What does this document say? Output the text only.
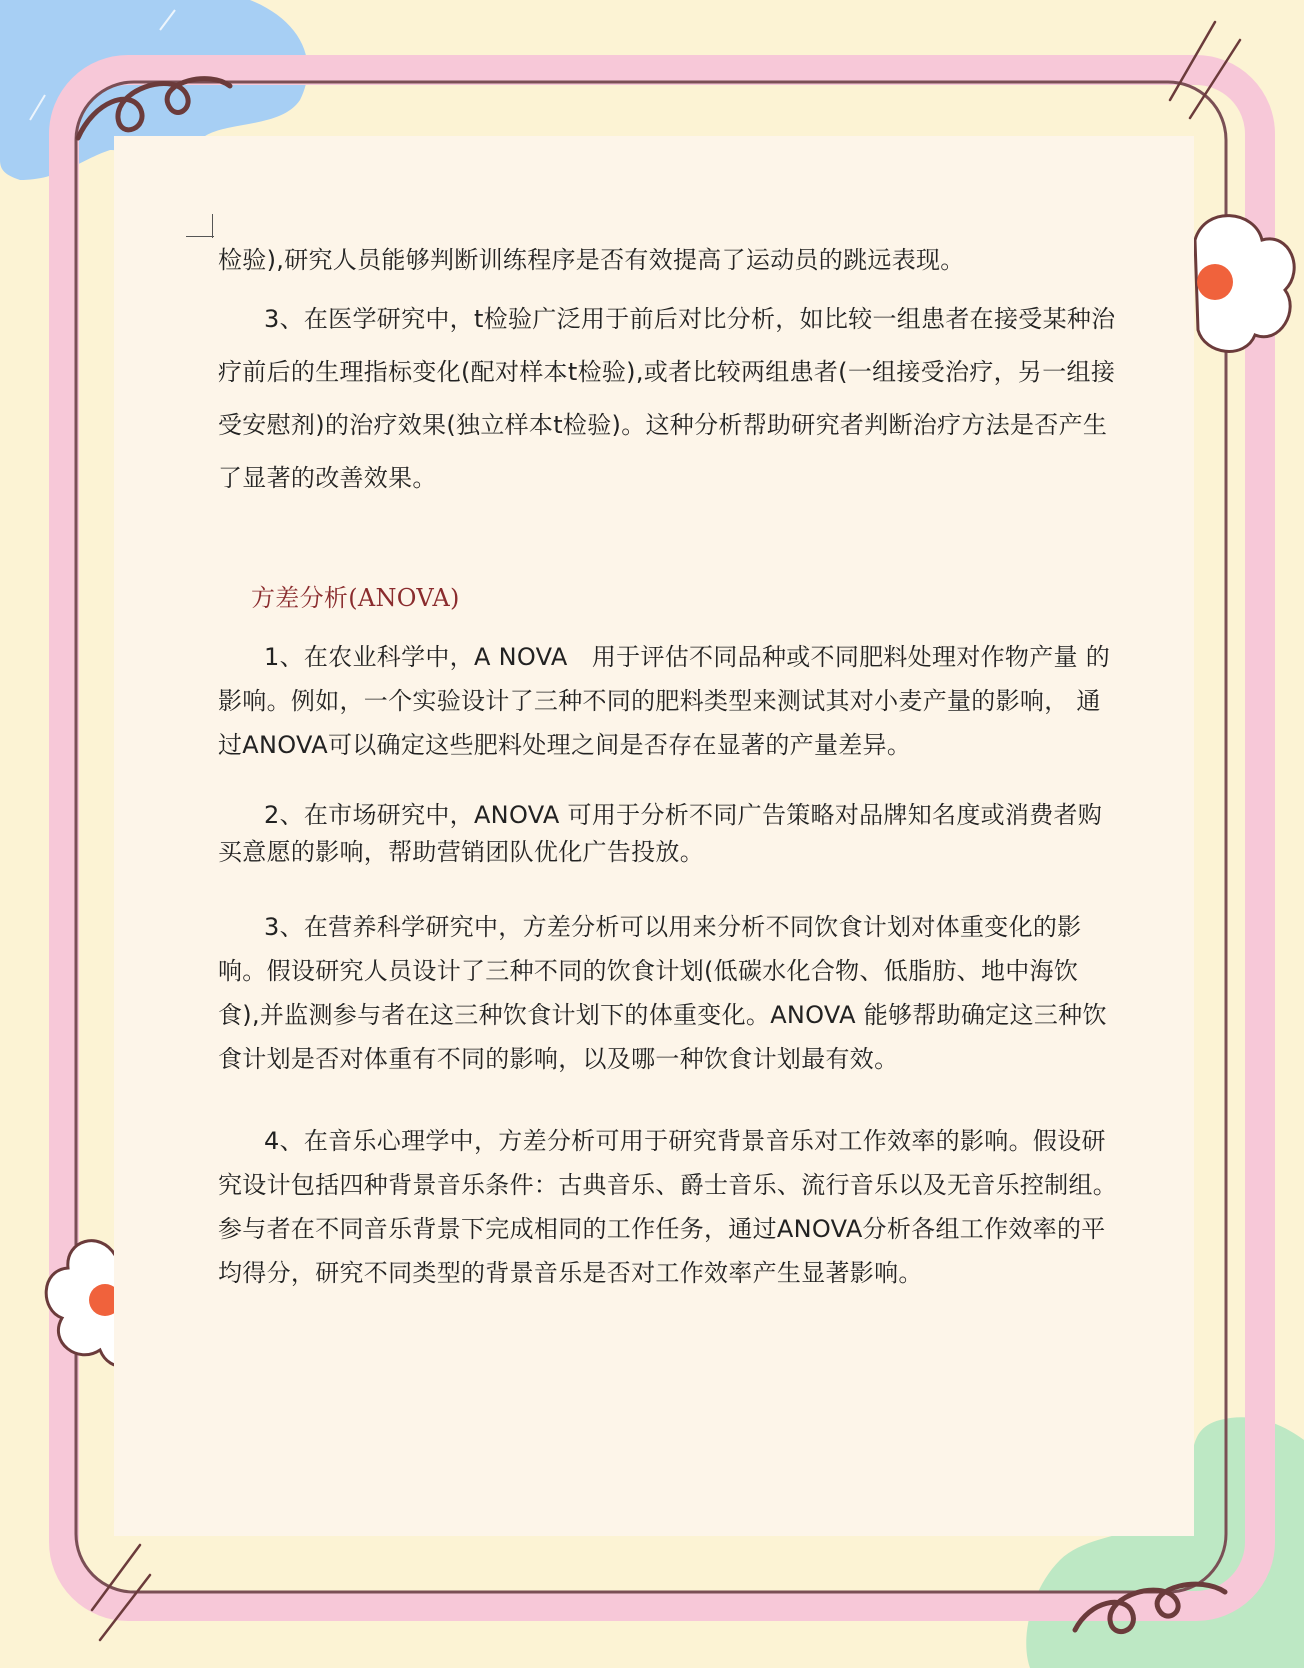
检验),研究人员能够判断训练程序是否有效提高了运动员的跳远表现。

3、在医学研究中，t检验广泛用于前后对比分析，如比较一组患者在接受某种治疗前后的生理指标变化(配对样本t检验),或者比较两组患者(一组接受治疗，另一组接受安慰剂)的治疗效果(独立样本t检验)。这种分析帮助研究者判断治疗方法是否产生了显著的改善效果。

方差分析(ANOVA)

1、在农业科学中，A NOVA　用于评估不同品种或不同肥料处理对作物产量 的影响。例如，一个实验设计了三种不同的肥料类型来测试其对小麦产量的影响， 通过ANOVA可以确定这些肥料处理之间是否存在显著的产量差异。

2、在市场研究中，ANOVA 可用于分析不同广告策略对品牌知名度或消费者购买意愿的影响，帮助营销团队优化广告投放。

3、在营养科学研究中，方差分析可以用来分析不同饮食计划对体重变化的影响。假设研究人员设计了三种不同的饮食计划(低碳水化合物、低脂肪、地中海饮食),并监测参与者在这三种饮食计划下的体重变化。ANOVA 能够帮助确定这三种饮食计划是否对体重有不同的影响，以及哪一种饮食计划最有效。

4、在音乐心理学中，方差分析可用于研究背景音乐对工作效率的影响。假设研究设计包括四种背景音乐条件：古典音乐、爵士音乐、流行音乐以及无音乐控制组。参与者在不同音乐背景下完成相同的工作任务，通过ANOVA分析各组工作效率的平均得分，研究不同类型的背景音乐是否对工作效率产生显著影响。
